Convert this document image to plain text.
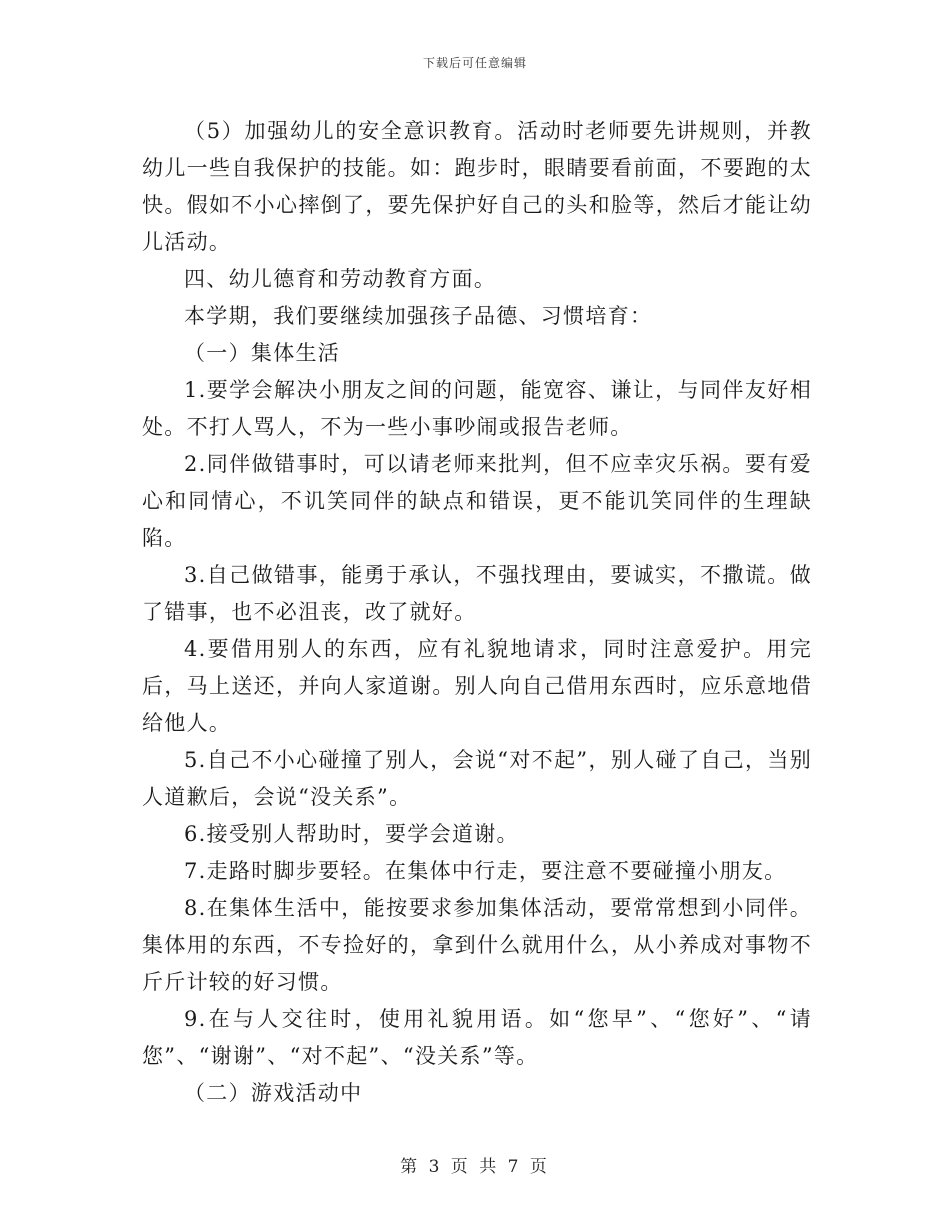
下载后可任意编辑

（5）加强幼儿的安全意识教育。活动时老师要先讲规则，并教幼儿一些自我保护的技能。如：跑步时，眼睛要看前面，不要跑的太快。假如不小心摔倒了，要先保护好自己的头和脸等，然后才能让幼儿活动。

四、幼儿德育和劳动教育方面。

本学期，我们要继续加强孩子品德、习惯培育：

（一）集体生活

1.要学会解决小朋友之间的问题，能宽容、谦让，与同伴友好相处。不打人骂人，不为一些小事吵闹或报告老师。

2.同伴做错事时，可以请老师来批判，但不应幸灾乐祸。要有爱心和同情心，不讥笑同伴的缺点和错误，更不能讥笑同伴的生理缺陷。

3.自己做错事，能勇于承认，不强找理由，要诚实，不撒谎。做了错事，也不必沮丧，改了就好。

4.要借用别人的东西，应有礼貌地请求，同时注意爱护。用完后，马上送还，并向人家道谢。别人向自己借用东西时，应乐意地借给他人。

5.自己不小心碰撞了别人，会说“对不起”，别人碰了自己，当别人道歉后，会说“没关系”。

6.接受别人帮助时，要学会道谢。

7.走路时脚步要轻。在集体中行走，要注意不要碰撞小朋友。

8.在集体生活中，能按要求参加集体活动，要常常想到小同伴。集体用的东西，不专捡好的，拿到什么就用什么，从小养成对事物不斤斤计较的好习惯。

9.在与人交往时，使用礼貌用语。如“您早”、“您好”、“请您”、“谢谢”、“对不起”、“没关系”等。

（二）游戏活动中

第 3 页 共 7 页
